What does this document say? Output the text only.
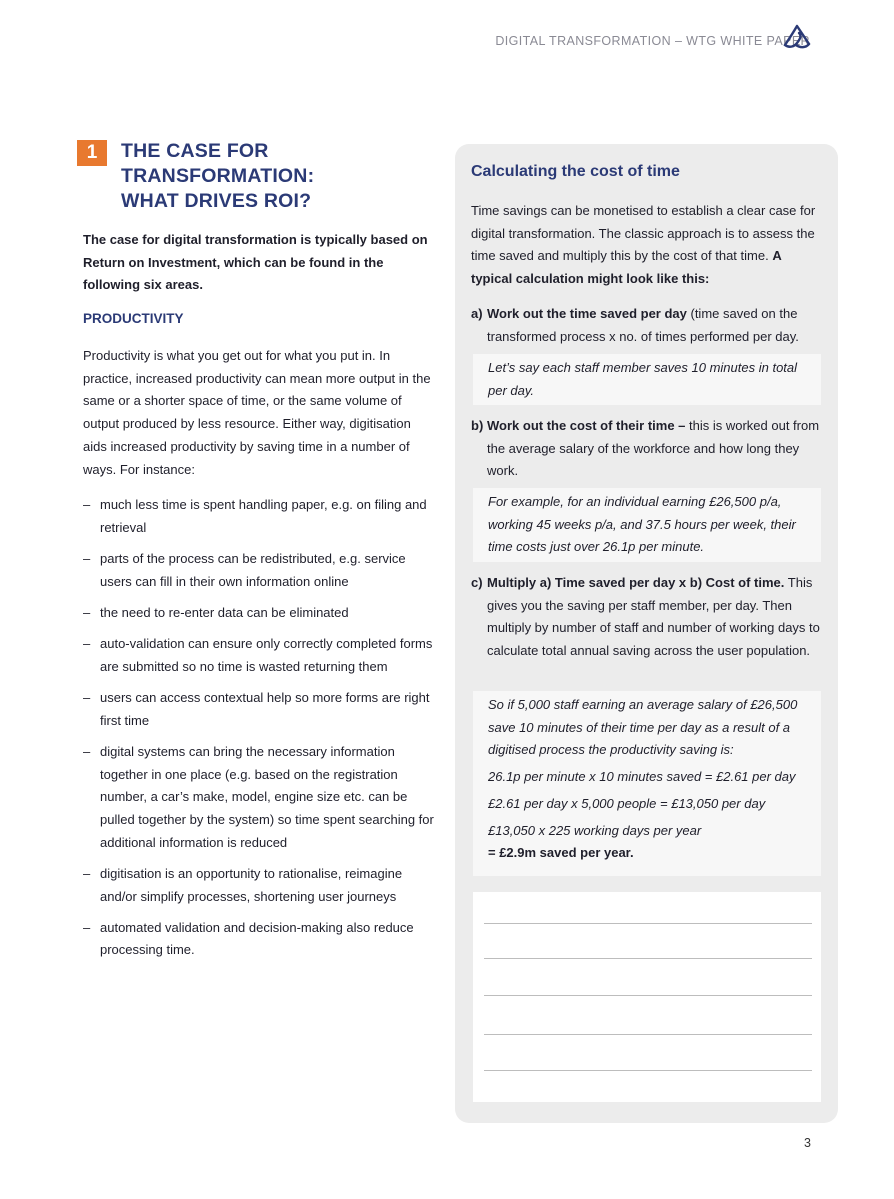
DIGITAL TRANSFORMATION – WTG WHITE PAPER
1	THE CASE FOR
TRANSFORMATION:
WHAT DRIVES ROI?

The case for digital transformation is typically based on Return on Investment, which can be found in the following six areas.

PRODUCTIVITY

Productivity is what you get out for what you put in. In practice, increased productivity can mean more output in the same or a shorter space of time, or the same volume of output produced by less resource. Either way, digitisation aids increased productivity by saving time in a number of ways. For instance:

– much less time is spent handling paper, e.g. on filing and retrieval
– parts of the process can be redistributed, e.g. service users can fill in their own information online
– the need to re-enter data can be eliminated
– auto-validation can ensure only correctly completed forms are submitted so no time is wasted returning them
– users can access contextual help so more forms are right first time
– digital systems can bring the necessary information together in one place (e.g. based on the registration number, a car’s make, model, engine size etc. can be pulled together by the system) so time spent searching for additional information is reduced
– digitisation is an opportunity to rationalise, reimagine and/or simplify processes, shortening user journeys
– automated validation and decision-making also reduce processing time.
Calculating the cost of time
Time savings can be monetised to establish a clear case for digital transformation. The classic approach is to assess the time saved and multiply this by the cost of that time. A typical calculation might look like this:
a) Work out the time saved per day (time saved on the transformed process x no. of times performed per day.
Let’s say each staff member saves 10 minutes in total per day.
b) Work out the cost of their time – this is worked out from the average salary of the workforce and how long they work.
For example, for an individual earning £26,500 p/a, working 45 weeks p/a, and 37.5 hours per week, their time costs just over 26.1p per minute.
c) Multiply a) Time saved per day x b) Cost of time. This gives you the saving per staff member, per day. Then multiply by number of staff and number of working days to calculate total annual saving across the user population.
So if 5,000 staff earning an average salary of £26,500 save 10 minutes of their time per day as a result of a digitised process the productivity saving is:
26.1p per minute x 10 minutes saved = £2.61 per day
£2.61 per day x 5,000 people = £13,050 per day
£13,050 x 225 working days per year
= £2.9m saved per year.
3
